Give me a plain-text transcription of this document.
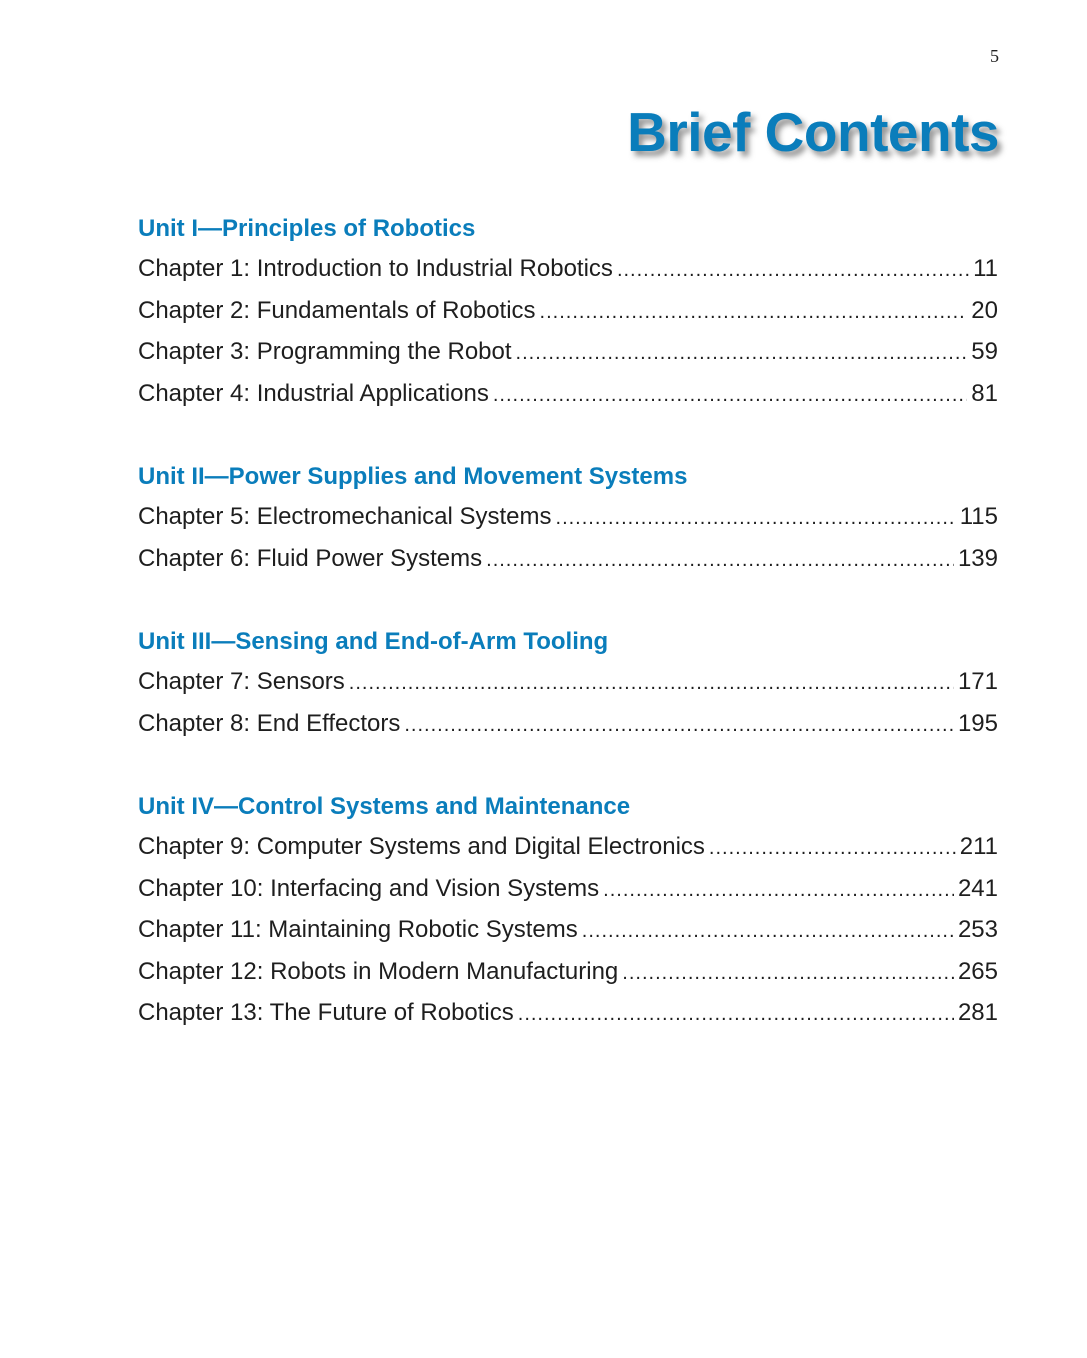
5
Brief Contents
Unit I—Principles of Robotics
Chapter 1: Introduction to Industrial Robotics .....	11
Chapter 2: Fundamentals of Robotics .....	20
Chapter 3: Programming the Robot .....	59
Chapter 4: Industrial Applications .....	81
Unit II—Power Supplies and Movement Systems
Chapter 5: Electromechanical Systems .....	115
Chapter 6: Fluid Power Systems .....	139
Unit III—Sensing and End-of-Arm Tooling
Chapter 7: Sensors .....	171
Chapter 8: End Effectors .....	195
Unit IV—Control Systems and Maintenance
Chapter 9: Computer Systems and Digital Electronics .....	211
Chapter 10: Interfacing and Vision Systems .....	241
Chapter 11: Maintaining Robotic Systems .....	253
Chapter 12: Robots in Modern Manufacturing .....	265
Chapter 13: The Future of Robotics .....	281
